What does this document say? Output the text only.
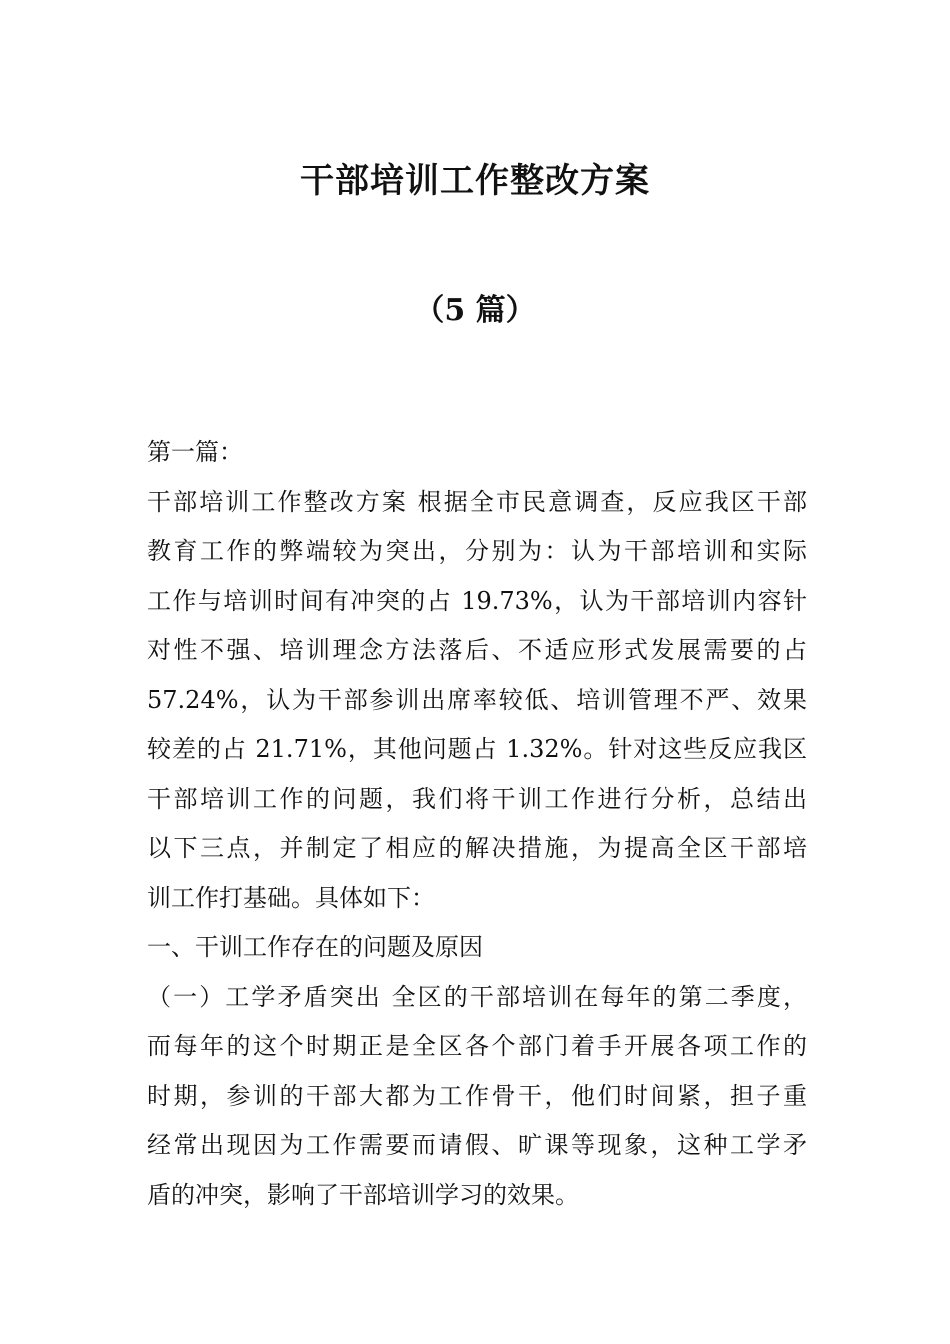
干部培训工作整改方案
（5 篇）
第一篇：
干部培训工作整改方案 根据全市民意调查，反应我区干部
教育工作的弊端较为突出，分别为：认为干部培训和实际
工作与培训时间有冲突的占 19.73%，认为干部培训内容针
对性不强、培训理念方法落后、不适应形式发展需要的占
57.24%，认为干部参训出席率较低、培训管理不严、效果
较差的占 21.71%，其他问题占 1.32%。针对这些反应我区
干部培训工作的问题，我们将干训工作进行分析，总结出
以下三点，并制定了相应的解决措施，为提高全区干部培
训工作打基础。具体如下：
一、干训工作存在的问题及原因
（一）工学矛盾突出 全区的干部培训在每年的第二季度，
而每年的这个时期正是全区各个部门着手开展各项工作的
时期，参训的干部大都为工作骨干，他们时间紧，担子重
经常出现因为工作需要而请假、旷课等现象，这种工学矛
盾的冲突，影响了干部培训学习的效果。
